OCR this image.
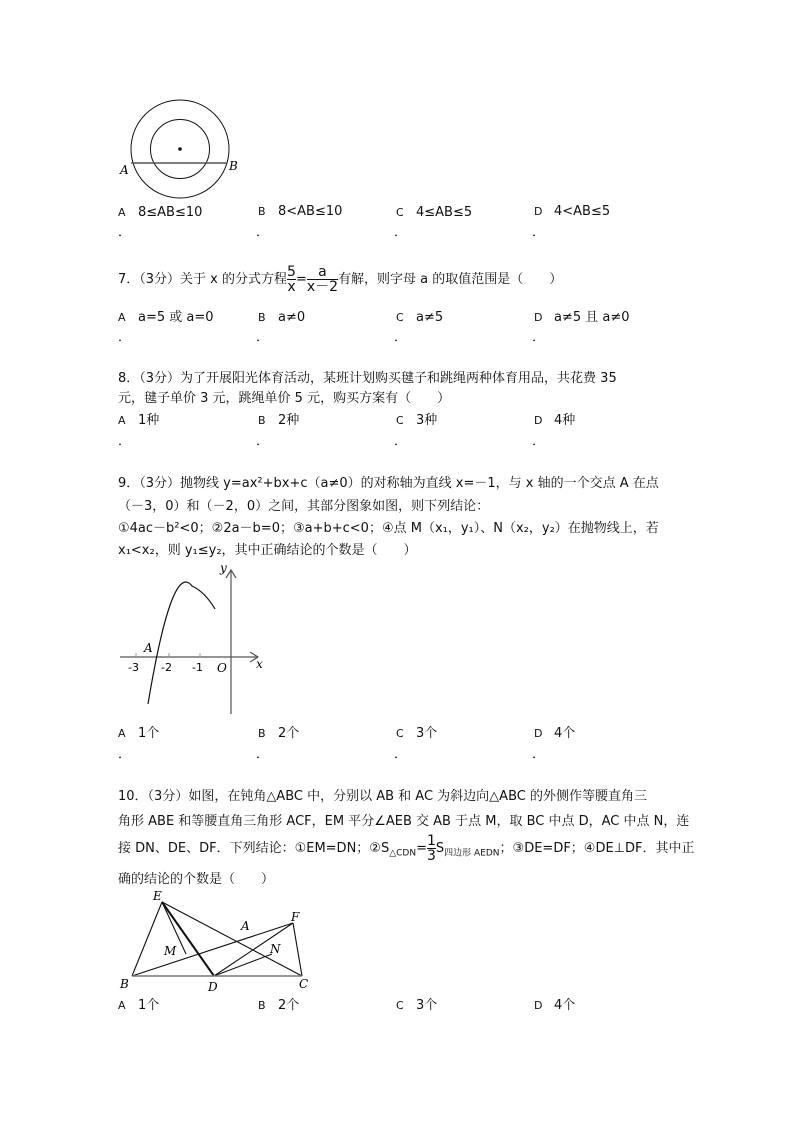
A	B
A 8≤AB≤10	B 8<AB≤10	C 4≤AB≤5	D 4<AB≤5
．	．	．	．
7．（3分）关于 x 的分式方程 $\frac{5}{x} = \frac{a}{x-2}$ 有解，则字母 a 的取值范围是（　　）
A a=5 或 a=0	B a≠0	C a≠5	D a≠5 且 a≠0
．	．	．	．
8．（3分）为了开展阳光体育活动，某班计划购买毽子和跳绳两种体育用品，共花费 35
元，毽子单价 3 元，跳绳单价 5 元，购买方案有（　　）
A 1种	B 2种	C 3种	D 4种
．	．	．	．
9．（3分）抛物线 y=ax²+bx+c（a≠0）的对称轴为直线 x=－1，与 x 轴的一个交点 A 在点
（－3，0）和（－2，0）之间，其部分图象如图，则下列结论：
①4ac－b²<0；②2a－b=0；③a+b+c<0；④点 M（x₁，y₁）、N（x₂，y₂）在抛物线上，若
x₁<x₂，则 y₁≤y₂，其中正确结论的个数是（　　）
y
x
O
A
-3 -2 -1
A 1个	B 2个	C 3个	D 4个
．	．	．	．
10．（3分）如图，在钝角△ABC 中，分别以 AB 和 AC 为斜边向△ABC 的外侧作等腰直角三
角形 ABE 和等腰直角三角形 ACF，EM 平分∠AEB 交 AB 于点 M，取 BC 中点 D，AC 中点 N，连
接 DN、DE、DF．下列结论：①EM=DN；$②S_{\triangle CDN}= \frac{1}{3} S_{四边形 AEDN}$；③DE=DF；④DE⊥DF．其中正
确的结论的个数是（　　）
E
A
F
M	N
B	D	C
A 1个	B 2个	C 3个	D 4个
